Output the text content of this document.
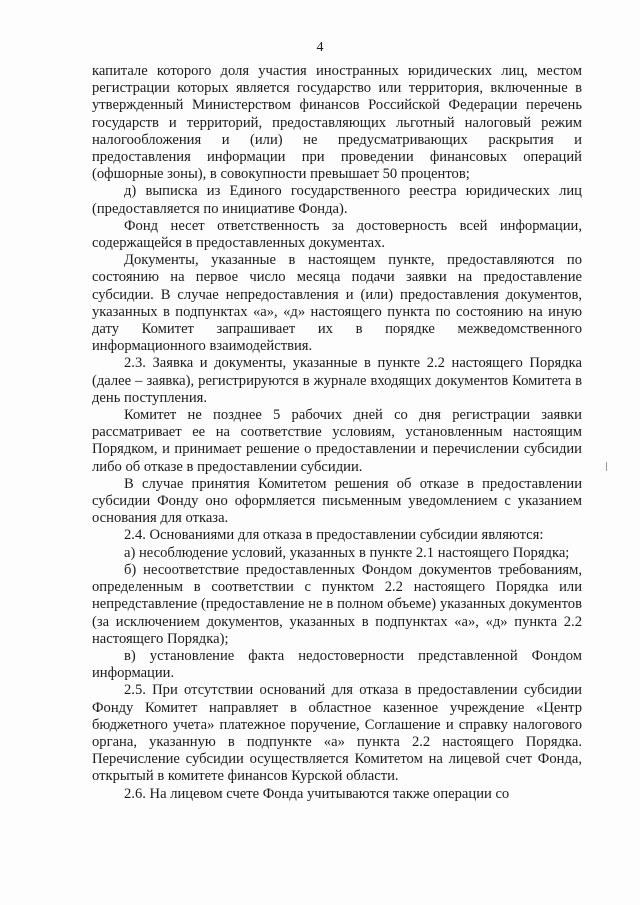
4

капитале которого доля участия иностранных юридических лиц, местом регистрации которых является государство или территория, включенные в утвержденный Министерством финансов Российской Федерации перечень государств и территорий, предоставляющих льготный налоговый режим налогообложения и (или) не предусматривающих раскрытия и предоставления информации при проведении финансовых операций (офшорные зоны), в совокупности превышает 50 процентов;

д) выписка из Единого государственного реестра юридических лиц (предоставляется по инициативе Фонда).

Фонд несет ответственность за достоверность всей информации, содержащейся в предоставленных документах.

Документы, указанные в настоящем пункте, предоставляются по состоянию на первое число месяца подачи заявки на предоставление субсидии. В случае непредоставления и (или) предоставления документов, указанных в подпунктах «а», «д» настоящего пункта по состоянию на иную дату Комитет запрашивает их в порядке межведомственного информационного взаимодействия.

2.3. Заявка и документы, указанные в пункте 2.2 настоящего Порядка (далее – заявка), регистрируются в журнале входящих документов Комитета в день поступления.

Комитет не позднее 5 рабочих дней со дня регистрации заявки рассматривает ее на соответствие условиям, установленным настоящим Порядком, и принимает решение о предоставлении и перечислении субсидии либо об отказе в предоставлении субсидии.

В случае принятия Комитетом решения об отказе в предоставлении субсидии Фонду оно оформляется письменным уведомлением с указанием основания для отказа.

2.4. Основаниями для отказа в предоставлении субсидии являются:

а) несоблюдение условий, указанных в пункте 2.1 настоящего Порядка;

б) несоответствие предоставленных Фондом документов требованиям, определенным в соответствии с пунктом 2.2 настоящего Порядка или непредставление (предоставление не в полном объеме) указанных документов (за исключением документов, указанных в подпунктах «а», «д» пункта 2.2 настоящего Порядка);

в) установление факта недостоверности представленной Фондом информации.

2.5. При отсутствии оснований для отказа в предоставлении субсидии Фонду Комитет направляет в областное казенное учреждение «Центр бюджетного учета» платежное поручение, Соглашение и справку налогового органа, указанную в подпункте «а» пункта 2.2 настоящего Порядка. Перечисление субсидии осуществляется Комитетом на лицевой счет Фонда, открытый в комитете финансов Курской области.

2.6. На лицевом счете Фонда учитываются также операции со
